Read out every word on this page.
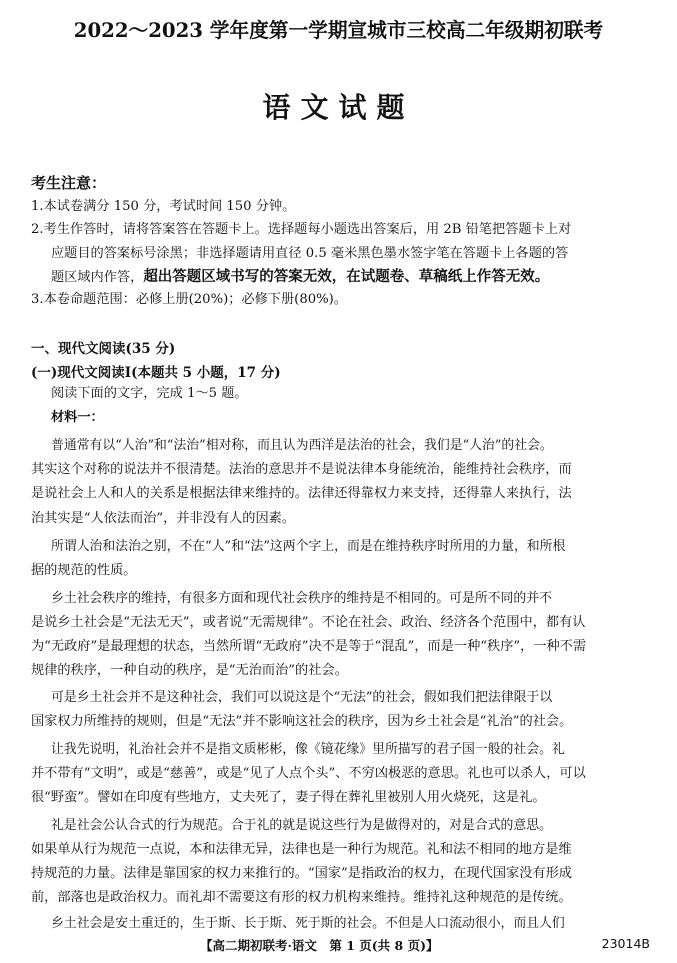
2022～2023 学年度第一学期宣城市三校高二年级期初联考
语文试题
考生注意：
1.本试卷满分 150 分，考试时间 150 分钟。
2.考生作答时，请将答案答在答题卡上。选择题每小题选出答案后，用 2B 铅笔把答题卡上对
应题目的答案标号涂黑；非选择题请用直径 0.5 毫米黑色墨水签字笔在答题卡上各题的答
题区域内作答，超出答题区域书写的答案无效，在试题卷、草稿纸上作答无效。
3.本卷命题范围：必修上册(20%)；必修下册(80%)。
一、现代文阅读(35 分)
(一)现代文阅读Ⅰ(本题共 5 小题，17 分)
阅读下面的文字，完成 1～5 题。
材料一：
普通常有以“人治”和“法治”相对称，而且认为西洋是法治的社会，我们是“人治”的社会。
其实这个对称的说法并不很清楚。法治的意思并不是说法律本身能统治，能维持社会秩序，而
是说社会上人和人的关系是根据法律来维持的。法律还得靠权力来支持，还得靠人来执行，法
治其实是“人依法而治”，并非没有人的因素。
所谓人治和法治之别，不在“人”和“法”这两个字上，而是在维持秩序时所用的力量，和所根
据的规范的性质。
乡土社会秩序的维持，有很多方面和现代社会秩序的维持是不相同的。可是所不同的并不
是说乡土社会是“无法无天”，或者说“无需规律”。不论在社会、政治、经济各个范围中，都有认
为“无政府”是最理想的状态，当然所谓“无政府”决不是等于“混乱”，而是一种“秩序”，一种不需
规律的秩序，一种自动的秩序，是“无治而治”的社会。
可是乡土社会并不是这种社会，我们可以说这是个“无法”的社会，假如我们把法律限于以
国家权力所维持的规则，但是“无法”并不影响这社会的秩序，因为乡土社会是“礼治”的社会。
让我先说明，礼治社会并不是指文质彬彬，像《镜花缘》里所描写的君子国一般的社会。礼
并不带有“文明”，或是“慈善”，或是“见了人点个头”、不穷凶极恶的意思。礼也可以杀人，可以
很“野蛮”。譬如在印度有些地方，丈夫死了，妻子得在葬礼里被别人用火烧死，这是礼。
礼是社会公认合式的行为规范。合于礼的就是说这些行为是做得对的，对是合式的意思。
如果单从行为规范一点说，本和法律无异，法律也是一种行为规范。礼和法不相同的地方是维
持规范的力量。法律是靠国家的权力来推行的。“国家”是指政治的权力，在现代国家没有形成
前，部落也是政治权力。而礼却不需要这有形的权力机构来维持。维持礼这种规范的是传统。
乡土社会是安土重迁的，生于斯、长于斯、死于斯的社会。不但是人口流动很小，而且人们
【高二期初联考·语文　第 1 页(共 8 页)】	23014B
